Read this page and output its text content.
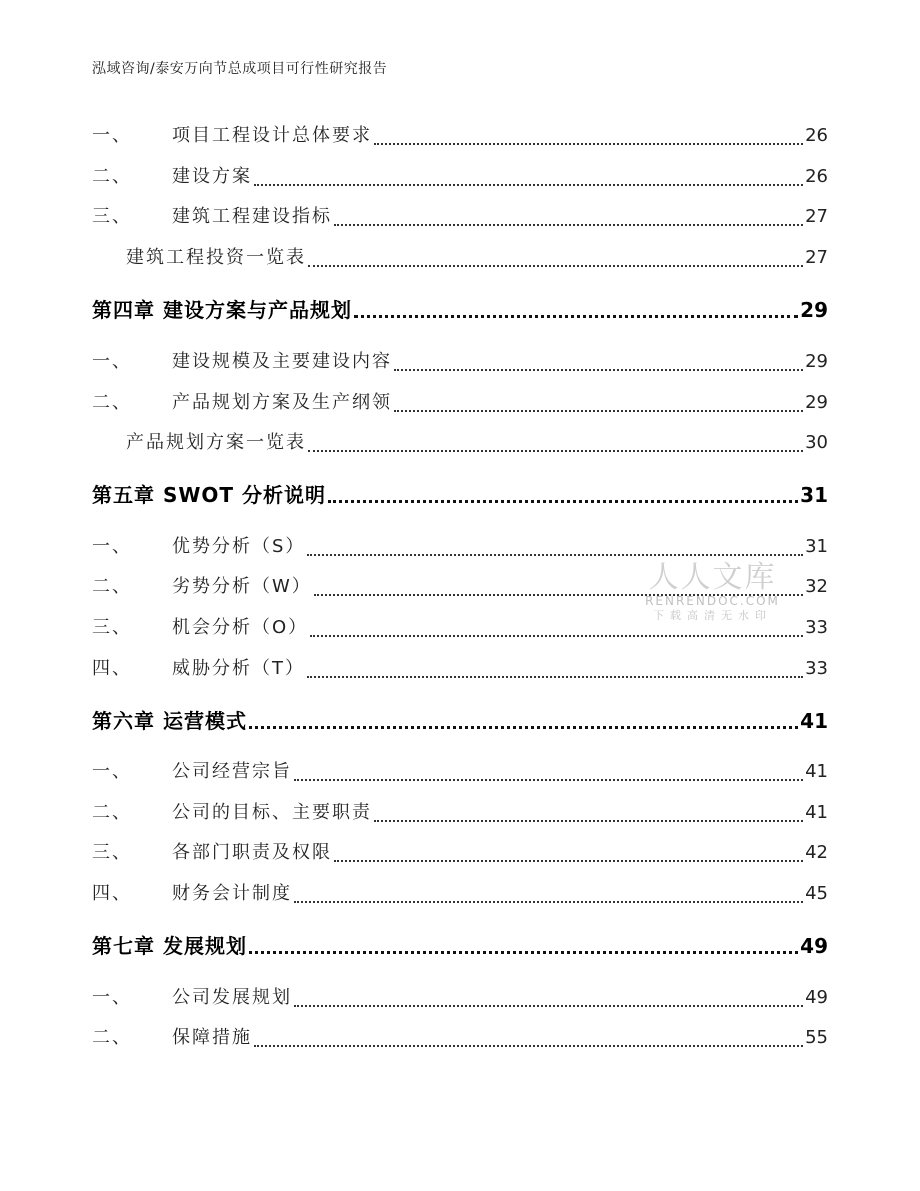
泓域咨询/泰安万向节总成项目可行性研究报告
一、	项目工程设计总体要求	26
二、	建设方案	26
三、	建筑工程建设指标	27
建筑工程投资一览表	27
第四章 建设方案与产品规划	29
一、	建设规模及主要建设内容	29
二、	产品规划方案及生产纲领	29
产品规划方案一览表	30
第五章 SWOT 分析说明	31
一、	优势分析（S）	31
二、	劣势分析（W）	32
三、	机会分析（O）	33
四、	威胁分析（T）	33
第六章 运营模式	41
一、	公司经营宗旨	41
二、	公司的目标、主要职责	41
三、	各部门职责及权限	42
四、	财务会计制度	45
第七章 发展规划	49
一、	公司发展规划	49
二、	保障措施	55
人人文库
RENRENDOC.COM
下载高清无水印
